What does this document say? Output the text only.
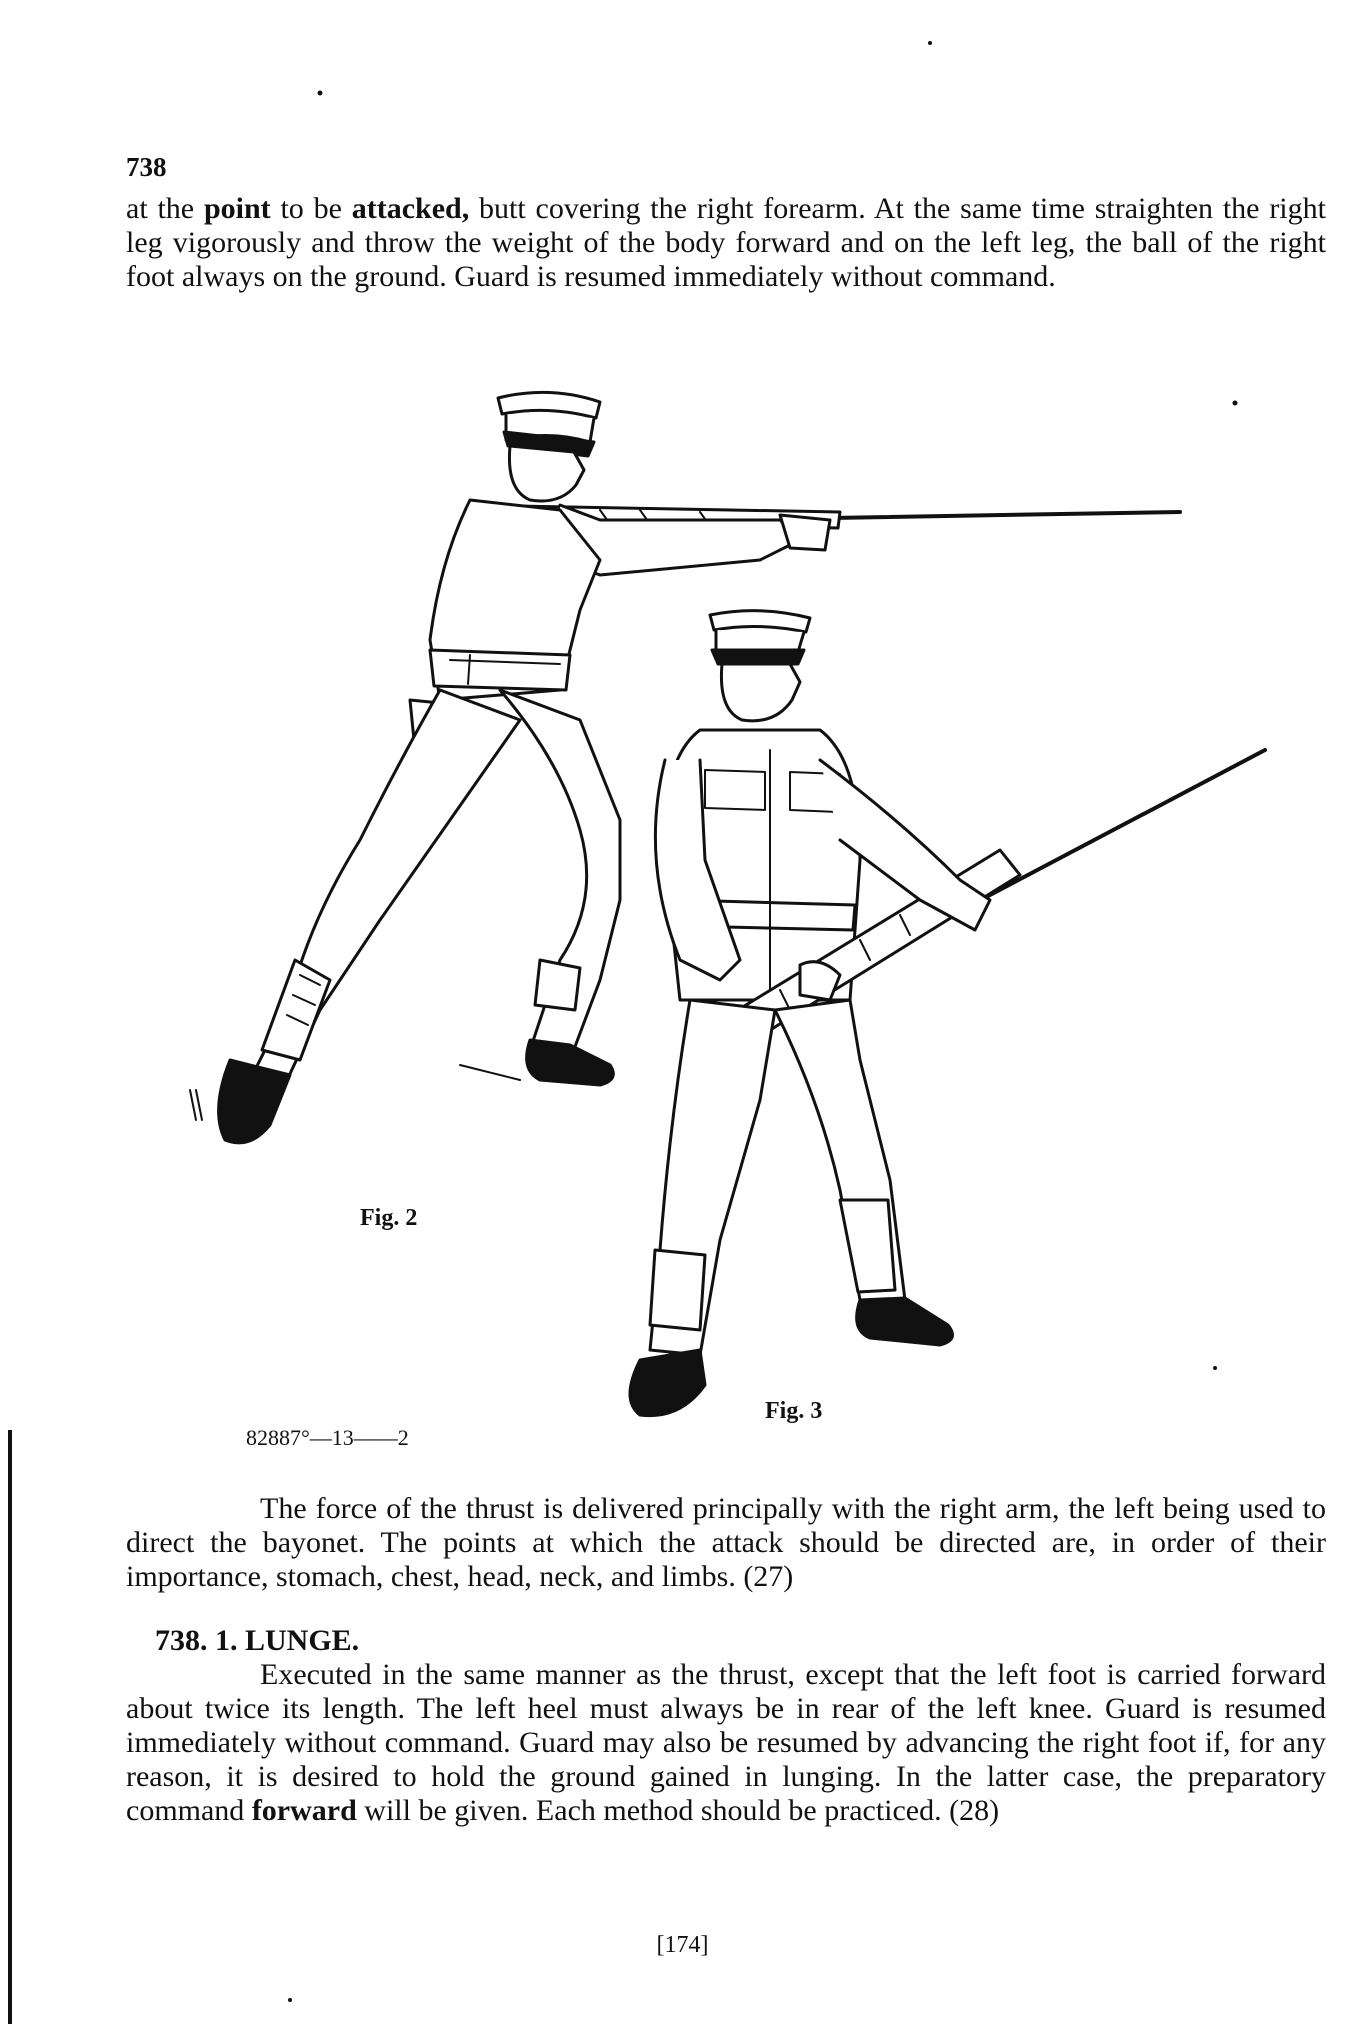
738

at the point to be attacked, butt covering the right forearm. At the same time straighten the right leg vigorously and throw the weight of the body forward and on the left leg, the ball of the right foot always on the ground. Guard is resumed immediately without command.

Fig. 2
Fig. 3
82887°—13——2

The force of the thrust is delivered principally with the right arm, the left being used to direct the bayonet. The points at which the attack should be directed are, in order of their importance, stomach, chest, head, neck, and limbs. (27)

738. 1. LUNGE.

Executed in the same manner as the thrust, except that the left foot is carried forward about twice its length. The left heel must always be in rear of the left knee. Guard is resumed immediately without command. Guard may also be resumed by advancing the right foot if, for any reason, it is desired to hold the ground gained in lunging. In the latter case, the preparatory command forward will be given. Each method should be practiced. (28)

[174]
